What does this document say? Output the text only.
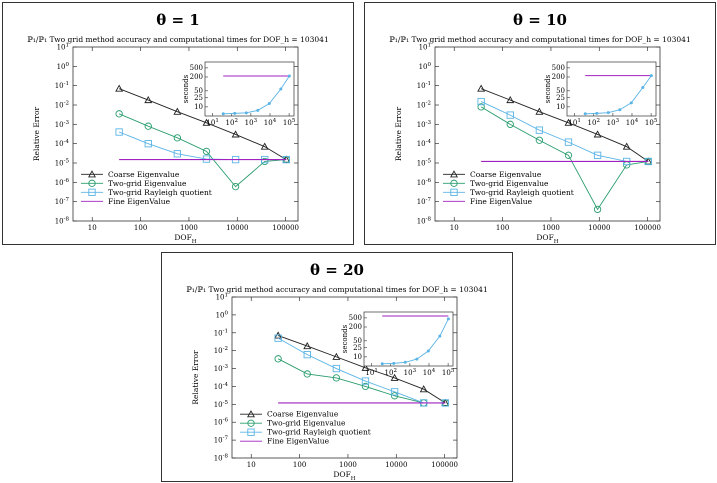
θ = 1
ℙ₁/ℙ₁ Two grid method accuracy and computational times for DOF_h = 103041
$10^1$
$10^0$
$10^{-1}$
$10^{-2}$
$10^{-3}$
$10^{-4}$
$10^{-5}$
$10^{-6}$
$10^{-7}$
$10^{-8}$
10	100	1000	10000	100000
$DOF_H$
Relative Error
Coarse Eigenvalue
Two-grid Eigenvalue
Two-grid Rayleigh quotient
Fine EigenValue
500
200
50
25
10
$10^1$ $10^2$ $10^3$ $10^4$ $10^5$
seconds
θ = 10
ℙ₁/ℙ₁ Two grid method accuracy and computational times for DOF_h = 103041
$10^1$
$10^0$
$10^{-1}$
$10^{-2}$
$10^{-3}$
$10^{-4}$
$10^{-5}$
$10^{-6}$
$10^{-7}$
$10^{-8}$
10	100	1000	10000	100000
$DOF_H$
Relative Error
Coarse Eigenvalue
Two-grid Eigenvalue
Two-grid Rayleigh quotient
Fine EigenValue
500
200
50
25
10
$10^1$ $10^2$ $10^3$ $10^4$ $10^5$
seconds
θ = 20
ℙ₁/ℙ₁ Two grid method accuracy and computational times for DOF_h = 103041
$10^1$
$10^0$
$10^{-1}$
$10^{-2}$
$10^{-3}$
$10^{-4}$
$10^{-5}$
$10^{-6}$
$10^{-7}$
$10^{-8}$
10	100	1000	10000	100000
$DOF_H$
Relative Error
Coarse Eigenvalue
Two-grid Eigenvalue
Two-grid Rayleigh quotient
Fine EigenValue
500
200
50
25
10
$10^1$ $10^2$ $10^3$ $10^4$ $10^5$
seconds
